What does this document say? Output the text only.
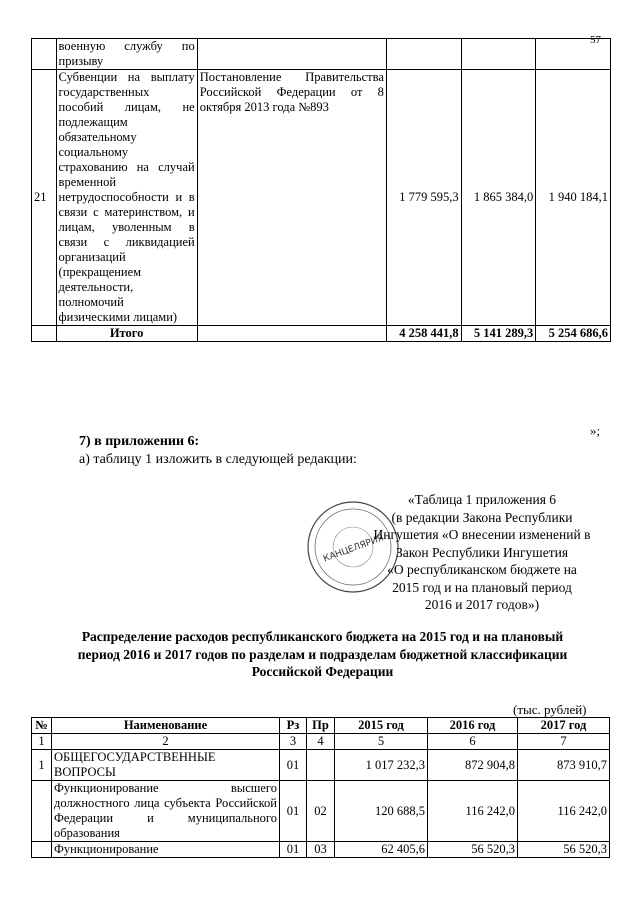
57
	военную службу по призыву				
21	Субвенции на выплату государственных пособий лицам, не подлежащим обязательному социальному страхованию на случай временной нетрудоспособности и в связи с материнством, и лицам, уволенным в связи с ликвидацией организаций (прекращением деятельности, полномочий физическими лицами)	Постановление Правительства Российской Федерации от 8 октября 2013 года №893	1 779 595,3	1 865 384,0	1 940 184,1
	Итого		4 258 441,8	5 141 289,3	5 254 686,6
»;
7) в приложении 6:
а) таблицу 1 изложить в следующей редакции:
КАНЦЕЛЯРИЯ
«Таблица 1 приложения 6
(в редакции Закона Республики
Ингушетия «О внесении изменений в
Закон Республики Ингушетия
«О республиканском бюджете на
2015 год и на плановый период
2016 и 2017 годов»)
Распределение расходов республиканского бюджета на 2015 год и на плановый период 2016 и 2017 годов по разделам и подразделам бюджетной классификации Российской Федерации
(тыс. рублей)
№	Наименование	Рз	Пр	2015 год	2016 год	2017 год
1	2	3	4	5	6	7
1	ОБЩЕГОСУДАРСТВЕННЫЕ ВОПРОСЫ	01		1 017 232,3	872 904,8	873 910,7
	Функционирование высшего должностного лица субъекта Российской Федерации и муниципального образования	01	02	120 688,5	116 242,0	116 242,0
	Функционирование	01	03	62 405,6	56 520,3	56 520,3
